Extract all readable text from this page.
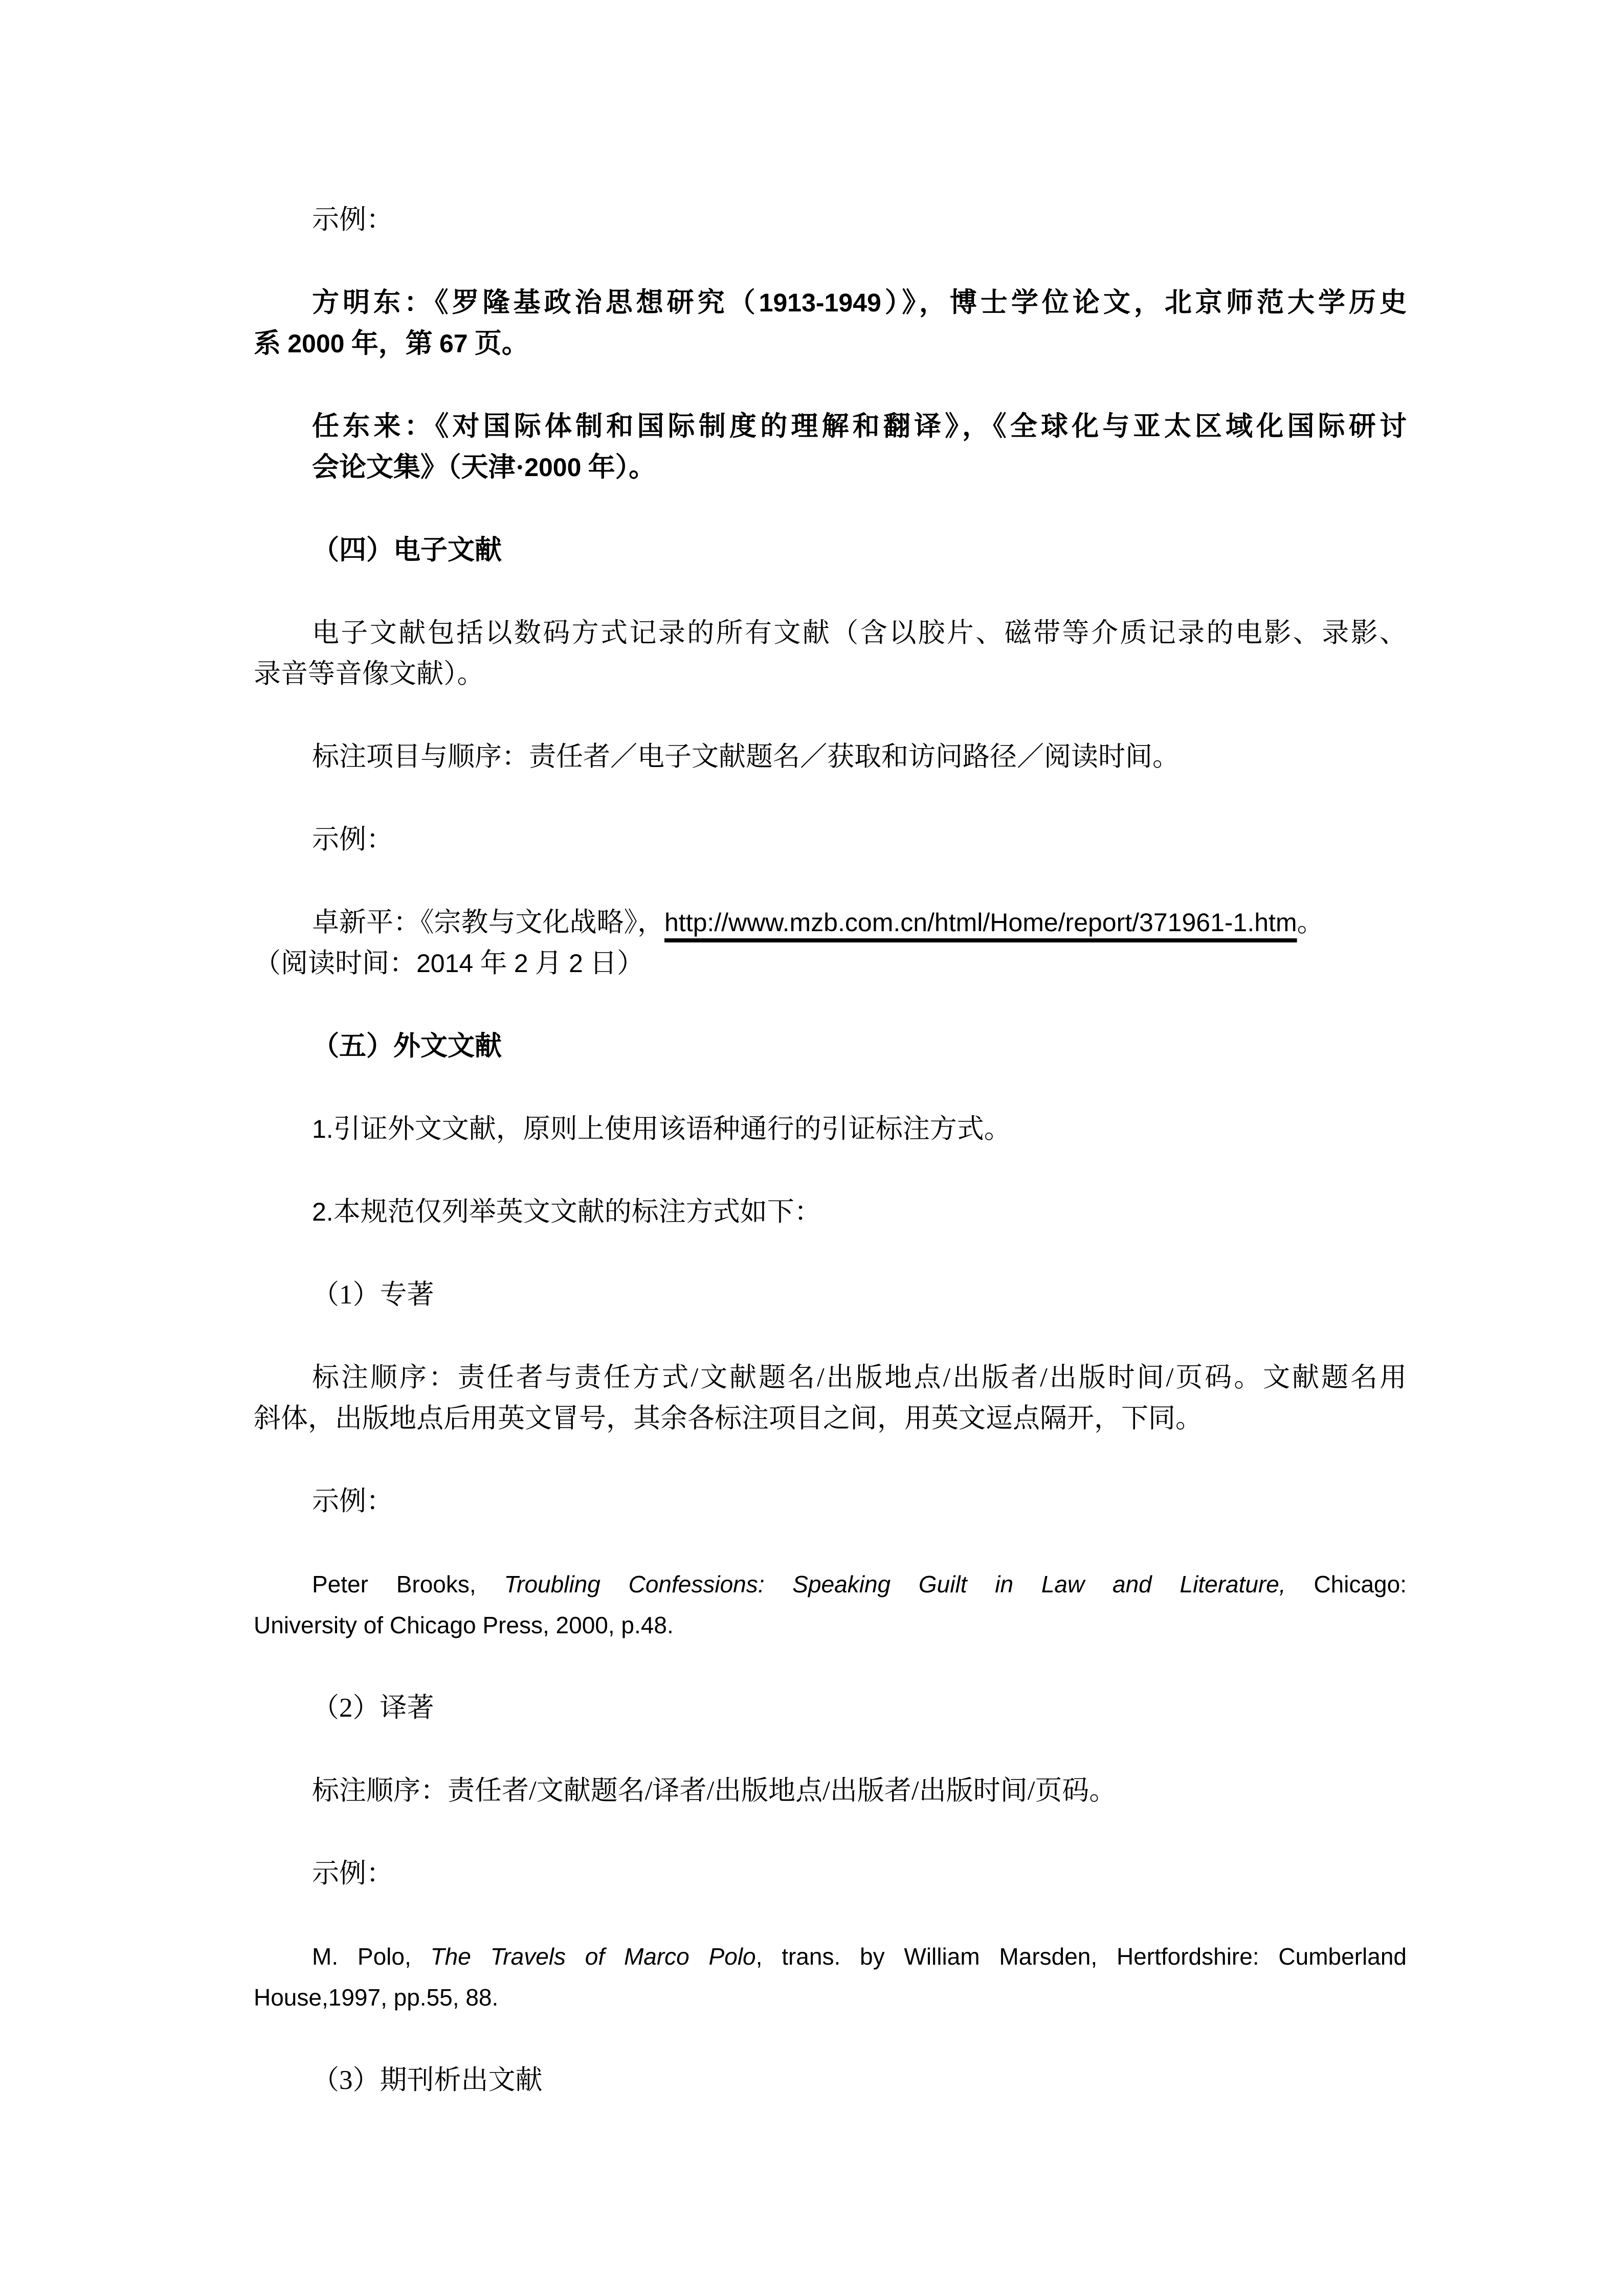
示例：
方明东：《罗隆基政治思想研究（1913-1949）》，博士学位论文，北京师范大学历史
系 2000 年，第 67 页。
任东来：《对国际体制和国际制度的理解和翻译》，《全球化与亚太区域化国际研讨
会论文集》（天津·2000 年）。
（四）电子文献
电子文献包括以数码方式记录的所有文献（含以胶片、磁带等介质记录的电影、录影、
录音等音像文献）。
标注项目与顺序：责任者／电子文献题名／获取和访问路径／阅读时间。
示例：
卓新平：《宗教与文化战略》，http://www.mzb.com.cn/html/Home/report/371961-1.htm。
（阅读时间：2014 年 2 月 2 日）
（五）外文文献
1.引证外文文献，原则上使用该语种通行的引证标注方式。
2.本规范仅列举英文文献的标注方式如下：
（1）专著
标注顺序：责任者与责任方式/文献题名/出版地点/出版者/出版时间/页码。文献题名用
斜体，出版地点后用英文冒号，其余各标注项目之间，用英文逗点隔开，下同。
示例：
Peter Brooks, Troubling Confessions: Speaking Guilt in Law and Literature, Chicago:
University of Chicago Press, 2000, p.48.
（2）译著
标注顺序：责任者/文献题名/译者/出版地点/出版者/出版时间/页码。
示例：
M. Polo, The Travels of Marco Polo, trans. by William Marsden, Hertfordshire: Cumberland
House,1997, pp.55, 88.
（3）期刊析出文献
